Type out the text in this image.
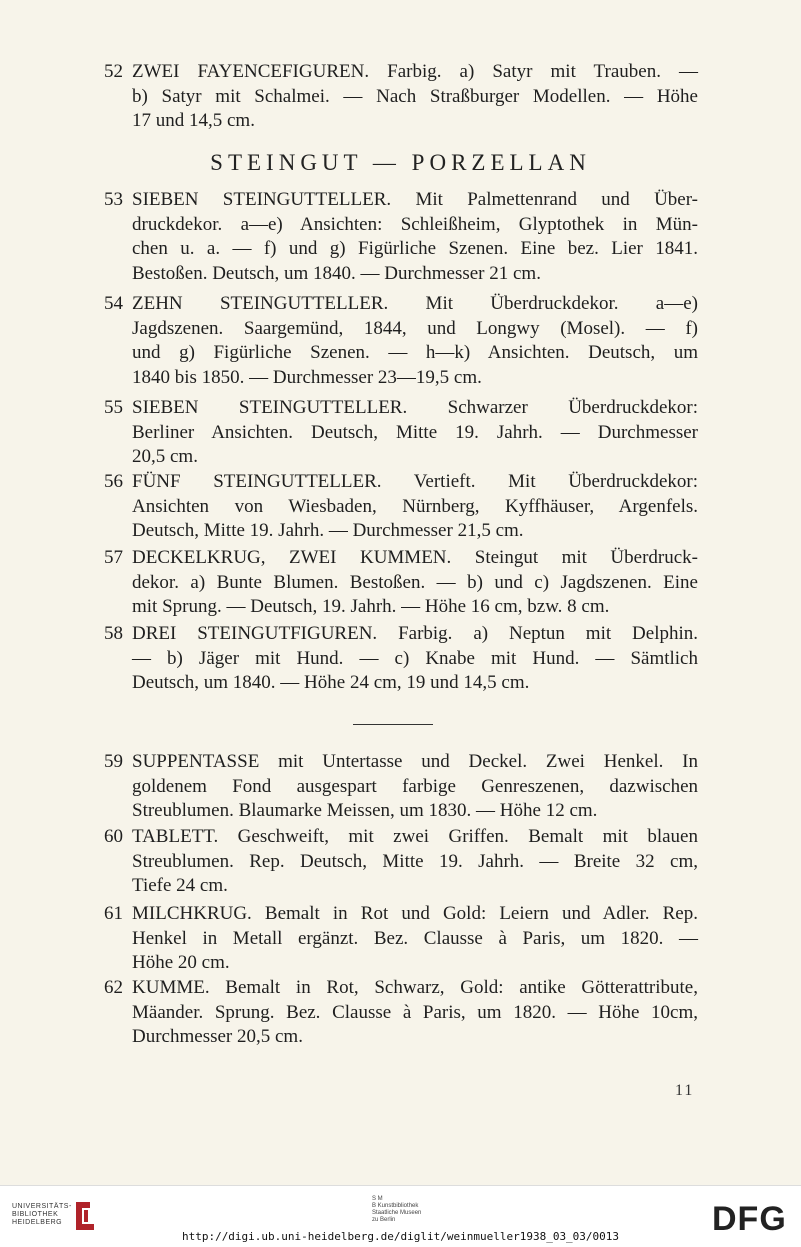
52 ZWEI FAYENCEFIGUREN. Farbig. a) Satyr mit Trauben. —
b) Satyr mit Schalmei. — Nach Straßburger Modellen. — Höhe
17 und 14,5 cm.
STEINGUT — PORZELLAN
53 SIEBEN STEINGUTTELLER. Mit Palmettenrand und Über-
druckdekor. a—e) Ansichten: Schleißheim, Glyptothek in Mün-
chen u. a. — f) und g) Figürliche Szenen. Eine bez. Lier 1841.
Bestoßen. Deutsch, um 1840. — Durchmesser 21 cm.
54 ZEHN STEINGUTTELLER. Mit Überdruckdekor. a—e)
Jagdszenen. Saargemünd, 1844, und Longwy (Mosel). — f)
und g) Figürliche Szenen. — h—k) Ansichten. Deutsch, um
1840 bis 1850. — Durchmesser 23—19,5 cm.
55 SIEBEN STEINGUTTELLER. Schwarzer Überdruckdekor:
Berliner Ansichten. Deutsch, Mitte 19. Jahrh. — Durchmesser
20,5 cm.
56 FÜNF STEINGUTTELLER. Vertieft. Mit Überdruckdekor:
Ansichten von Wiesbaden, Nürnberg, Kyffhäuser, Argenfels.
Deutsch, Mitte 19. Jahrh. — Durchmesser 21,5 cm.
57 DECKELKRUG, ZWEI KUMMEN. Steingut mit Überdruck-
dekor. a) Bunte Blumen. Bestoßen. — b) und c) Jagdszenen. Eine
mit Sprung. — Deutsch, 19. Jahrh. — Höhe 16 cm, bzw. 8 cm.
58 DREI STEINGUTFIGUREN. Farbig. a) Neptun mit Delphin.
— b) Jäger mit Hund. — c) Knabe mit Hund. — Sämtlich
Deutsch, um 1840. — Höhe 24 cm, 19 und 14,5 cm.
59 SUPPENTASSE mit Untertasse und Deckel. Zwei Henkel. In
goldenem Fond ausgespart farbige Genreszenen, dazwischen
Streublumen. Blaumarke Meissen, um 1830. — Höhe 12 cm.
60 TABLETT. Geschweift, mit zwei Griffen. Bemalt mit blauen
Streublumen. Rep. Deutsch, Mitte 19. Jahrh. — Breite 32 cm,
Tiefe 24 cm.
61 MILCHKRUG. Bemalt in Rot und Gold: Leiern und Adler. Rep.
Henkel in Metall ergänzt. Bez. Clausse à Paris, um 1820. —
Höhe 20 cm.
62 KUMME. Bemalt in Rot, Schwarz, Gold: antike Götterattribute,
Mäander. Sprung. Bez. Clausse à Paris, um 1820. — Höhe 10cm,
Durchmesser 20,5 cm.
11
UNIVERSITÄTS-
BIBLIOTHEK
HEIDELBERG
S M
B Kunstbibliothek
Staatliche Museen
zu Berlin	DFG
http://digi.ub.uni-heidelberg.de/diglit/weinmueller1938_03_03/0013
